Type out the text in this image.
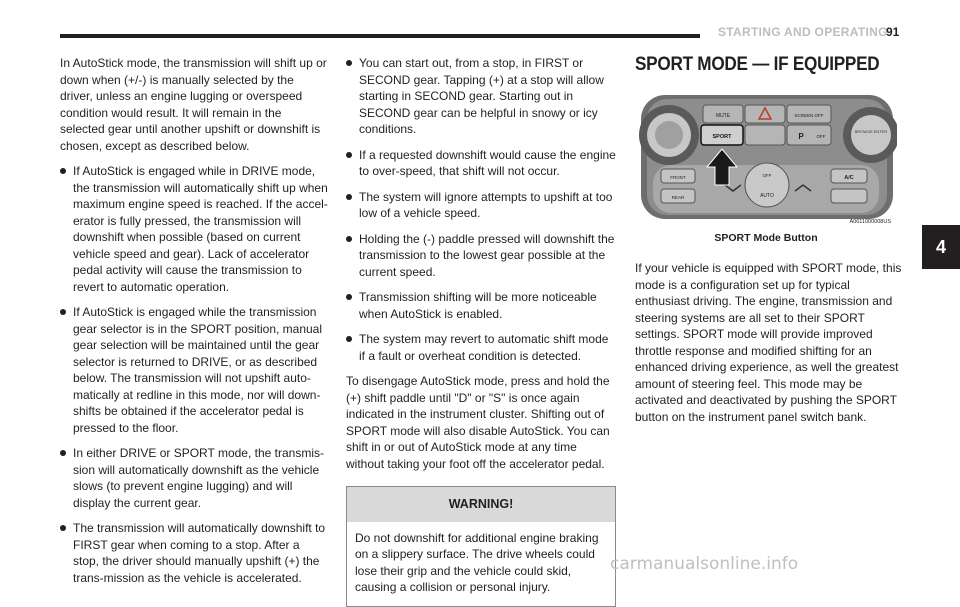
STARTING AND OPERATING
91
4

In AutoStick mode, the transmission will shift up or down when (+/-) is manually selected by the driver, unless an engine lugging or overspeed condition would result. It will remain in the selected gear until another upshift or downshift is chosen, except as described below.

If AutoStick is engaged while in DRIVE mode, the transmission will automatically shift up when maximum engine speed is reached. If the accel-erator is fully pressed, the transmission will downshift when possible (based on current vehicle speed and gear). Lack of accelerator pedal activity will cause the transmission to revert to automatic operation.
If AutoStick is engaged while the transmission gear selector is in the SPORT position, manual gear selection will be maintained until the gear selector is returned to DRIVE, or as described below. The transmission will not upshift auto-matically at redline in this mode, nor will down-shifts be obtained if the accelerator pedal is pressed to the floor.
In either DRIVE or SPORT mode, the transmis-sion will automatically downshift as the vehicle slows (to prevent engine lugging) and will display the current gear.
The transmission will automatically downshift to FIRST gear when coming to a stop. After a stop, the driver should manually upshift (+) the trans-mission as the vehicle is accelerated.
You can start out, from a stop, in FIRST or SECOND gear. Tapping (+) at a stop will allow starting in SECOND gear. Starting out in SECOND gear can be helpful in snowy or icy conditions.
If a requested downshift would cause the engine to over-speed, that shift will not occur.
The system will ignore attempts to upshift at too low of a vehicle speed.
Holding the (-) paddle pressed will downshift the transmission to the lowest gear possible at the current speed.
Transmission shifting will be more noticeable when AutoStick is enabled.
The system may revert to automatic shift mode if a fault or overheat condition is detected.

To disengage AutoStick mode, press and hold the (+) shift paddle until "D" or "S" is once again indicated in the instrument cluster. Shifting out of SPORT mode will also disable AutoStick. You can shift in or out of AutoStick mode at any time without taking your foot off the accelerator pedal.

WARNING!
Do not downshift for additional engine braking on a slippery surface. The drive wheels could lose their grip and the vehicle could skid, causing a collision or personal injury.
SPORT MODE — IF EQUIPPED
BROWSE ENTER
MUTE	SCREEN OFF
SPORT	P	OFF
FRONT
REAR
OFF
AUTO
A/C
A0611000008US
SPORT Mode Button

If your vehicle is equipped with SPORT mode, this mode is a configuration set up for typical enthusiast driving. The engine, transmission and steering systems are all set to their SPORT settings. SPORT mode will provide improved throttle response and modified shifting for an enhanced driving experience, as well the greatest amount of steering feel. This mode may be activated and deactivated by pushing the SPORT button on the instrument panel switch bank.

carmanualsonline.info
